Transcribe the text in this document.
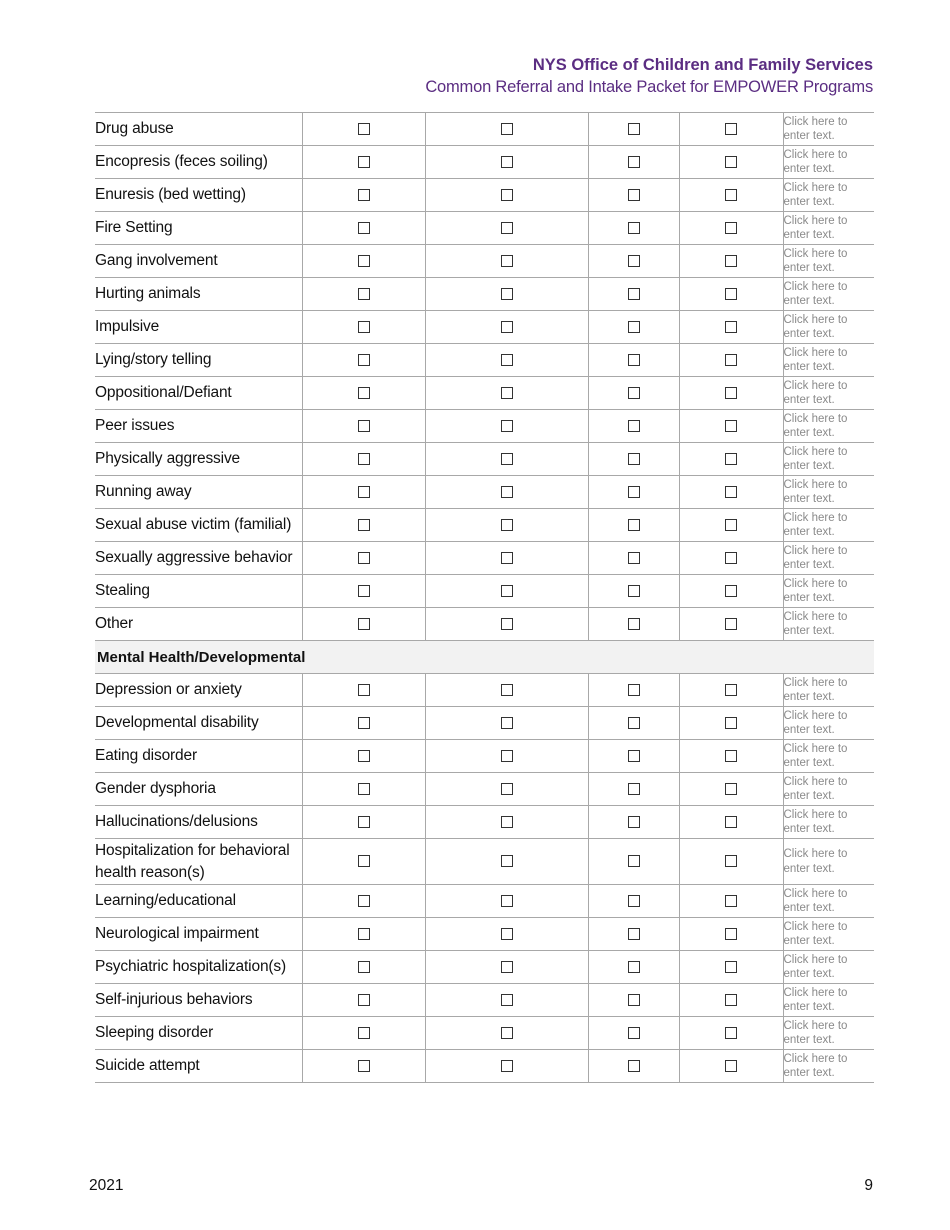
NYS Office of Children and Family Services
Common Referral and Intake Packet for EMPOWER Programs
Drug abuse					Click here to enter text.
Encopresis (feces soiling)					Click here to enter text.
Enuresis (bed wetting)					Click here to enter text.
Fire Setting					Click here to enter text.
Gang involvement					Click here to enter text.
Hurting animals					Click here to enter text.
Impulsive					Click here to enter text.
Lying/story telling					Click here to enter text.
Oppositional/Defiant					Click here to enter text.
Peer issues					Click here to enter text.
Physically aggressive					Click here to enter text.
Running away					Click here to enter text.
Sexual abuse victim (familial)					Click here to enter text.
Sexually aggressive behavior					Click here to enter text.
Stealing					Click here to enter text.
Other					Click here to enter text.
Mental Health/Developmental					
Depression or anxiety					Click here to enter text.
Developmental disability					Click here to enter text.
Eating disorder					Click here to enter text.
Gender dysphoria					Click here to enter text.
Hallucinations/delusions					Click here to enter text.
Hospitalization for behavioral health reason(s)					Click here to enter text.
Learning/educational					Click here to enter text.
Neurological impairment					Click here to enter text.
Psychiatric hospitalization(s)					Click here to enter text.
Self-injurious behaviors					Click here to enter text.
Sleeping disorder					Click here to enter text.
Suicide attempt					Click here to enter text.
2021	9
